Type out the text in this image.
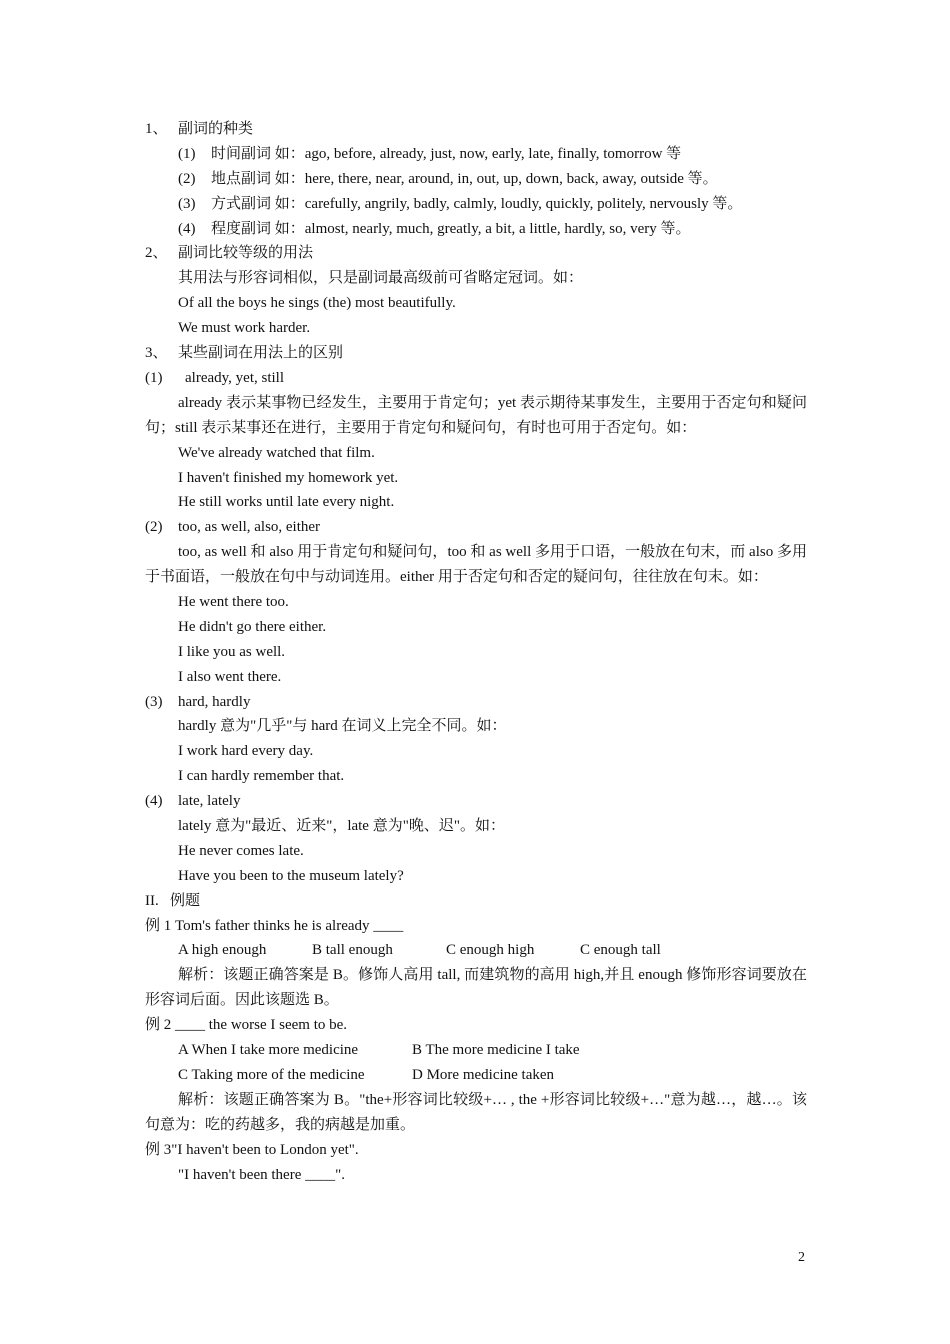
1、 副词的种类
(1) 时间副词 如：ago, before, already, just, now, early, late, finally, tomorrow 等
(2) 地点副词 如：here, there, near, around, in, out, up, down, back, away, outside 等。
(3) 方式副词 如：carefully, angrily, badly, calmly, loudly, quickly, politely, nervously 等。
(4) 程度副词 如：almost, nearly, much, greatly, a bit, a little, hardly, so, very 等。
2、 副词比较等级的用法
其用法与形容词相似，只是副词最高级前可省略定冠词。如：
Of all the boys he sings (the) most beautifully.
We must work harder.
3、 某些副词在用法上的区别
(1) already, yet, still
already 表示某事物已经发生，主要用于肯定句；yet 表示期待某事发生，主要用于否定句和疑问句；still 表示某事还在进行，主要用于肯定句和疑问句，有时也可用于否定句。如：
We've already watched that film.
I haven't finished my homework yet.
He still works until late every night.
(2) too, as well, also, either
too, as well 和 also 用于肯定句和疑问句，too 和 as well 多用于口语，一般放在句末，而 also 多用于书面语，一般放在句中与动词连用。either 用于否定句和否定的疑问句，往往放在句末。如：
He went there too.
He didn't go there either.
I like you as well.
I also went there.
(3) hard, hardly
hardly 意为"几乎"与 hard 在词义上完全不同。如：
I work hard every day.
I can hardly remember that.
(4) late, lately
lately 意为"最近、近来"，late 意为"晚、迟"。如：
He never comes late.
Have you been to the museum lately?
II.   例题
例 1 Tom's father thinks he is already ____
A high enough	B tall enough	C enough high	C enough tall
解析：该题正确答案是 B。修饰人高用 tall, 而建筑物的高用 high,并且 enough 修饰形容词要放在形容词后面。因此该题选 B。
例 2 ____ the worse I seem to be.
A When I take more medicine	B The more medicine I take
C Taking more of the medicine	D More medicine taken
解析：该题正确答案为 B。"the+形容词比较级+… , the +形容词比较级+…"意为越…，越…。该句意为：吃的药越多，我的病越是加重。
例 3"I haven't been to London yet".
"I haven't been there ____".
2
